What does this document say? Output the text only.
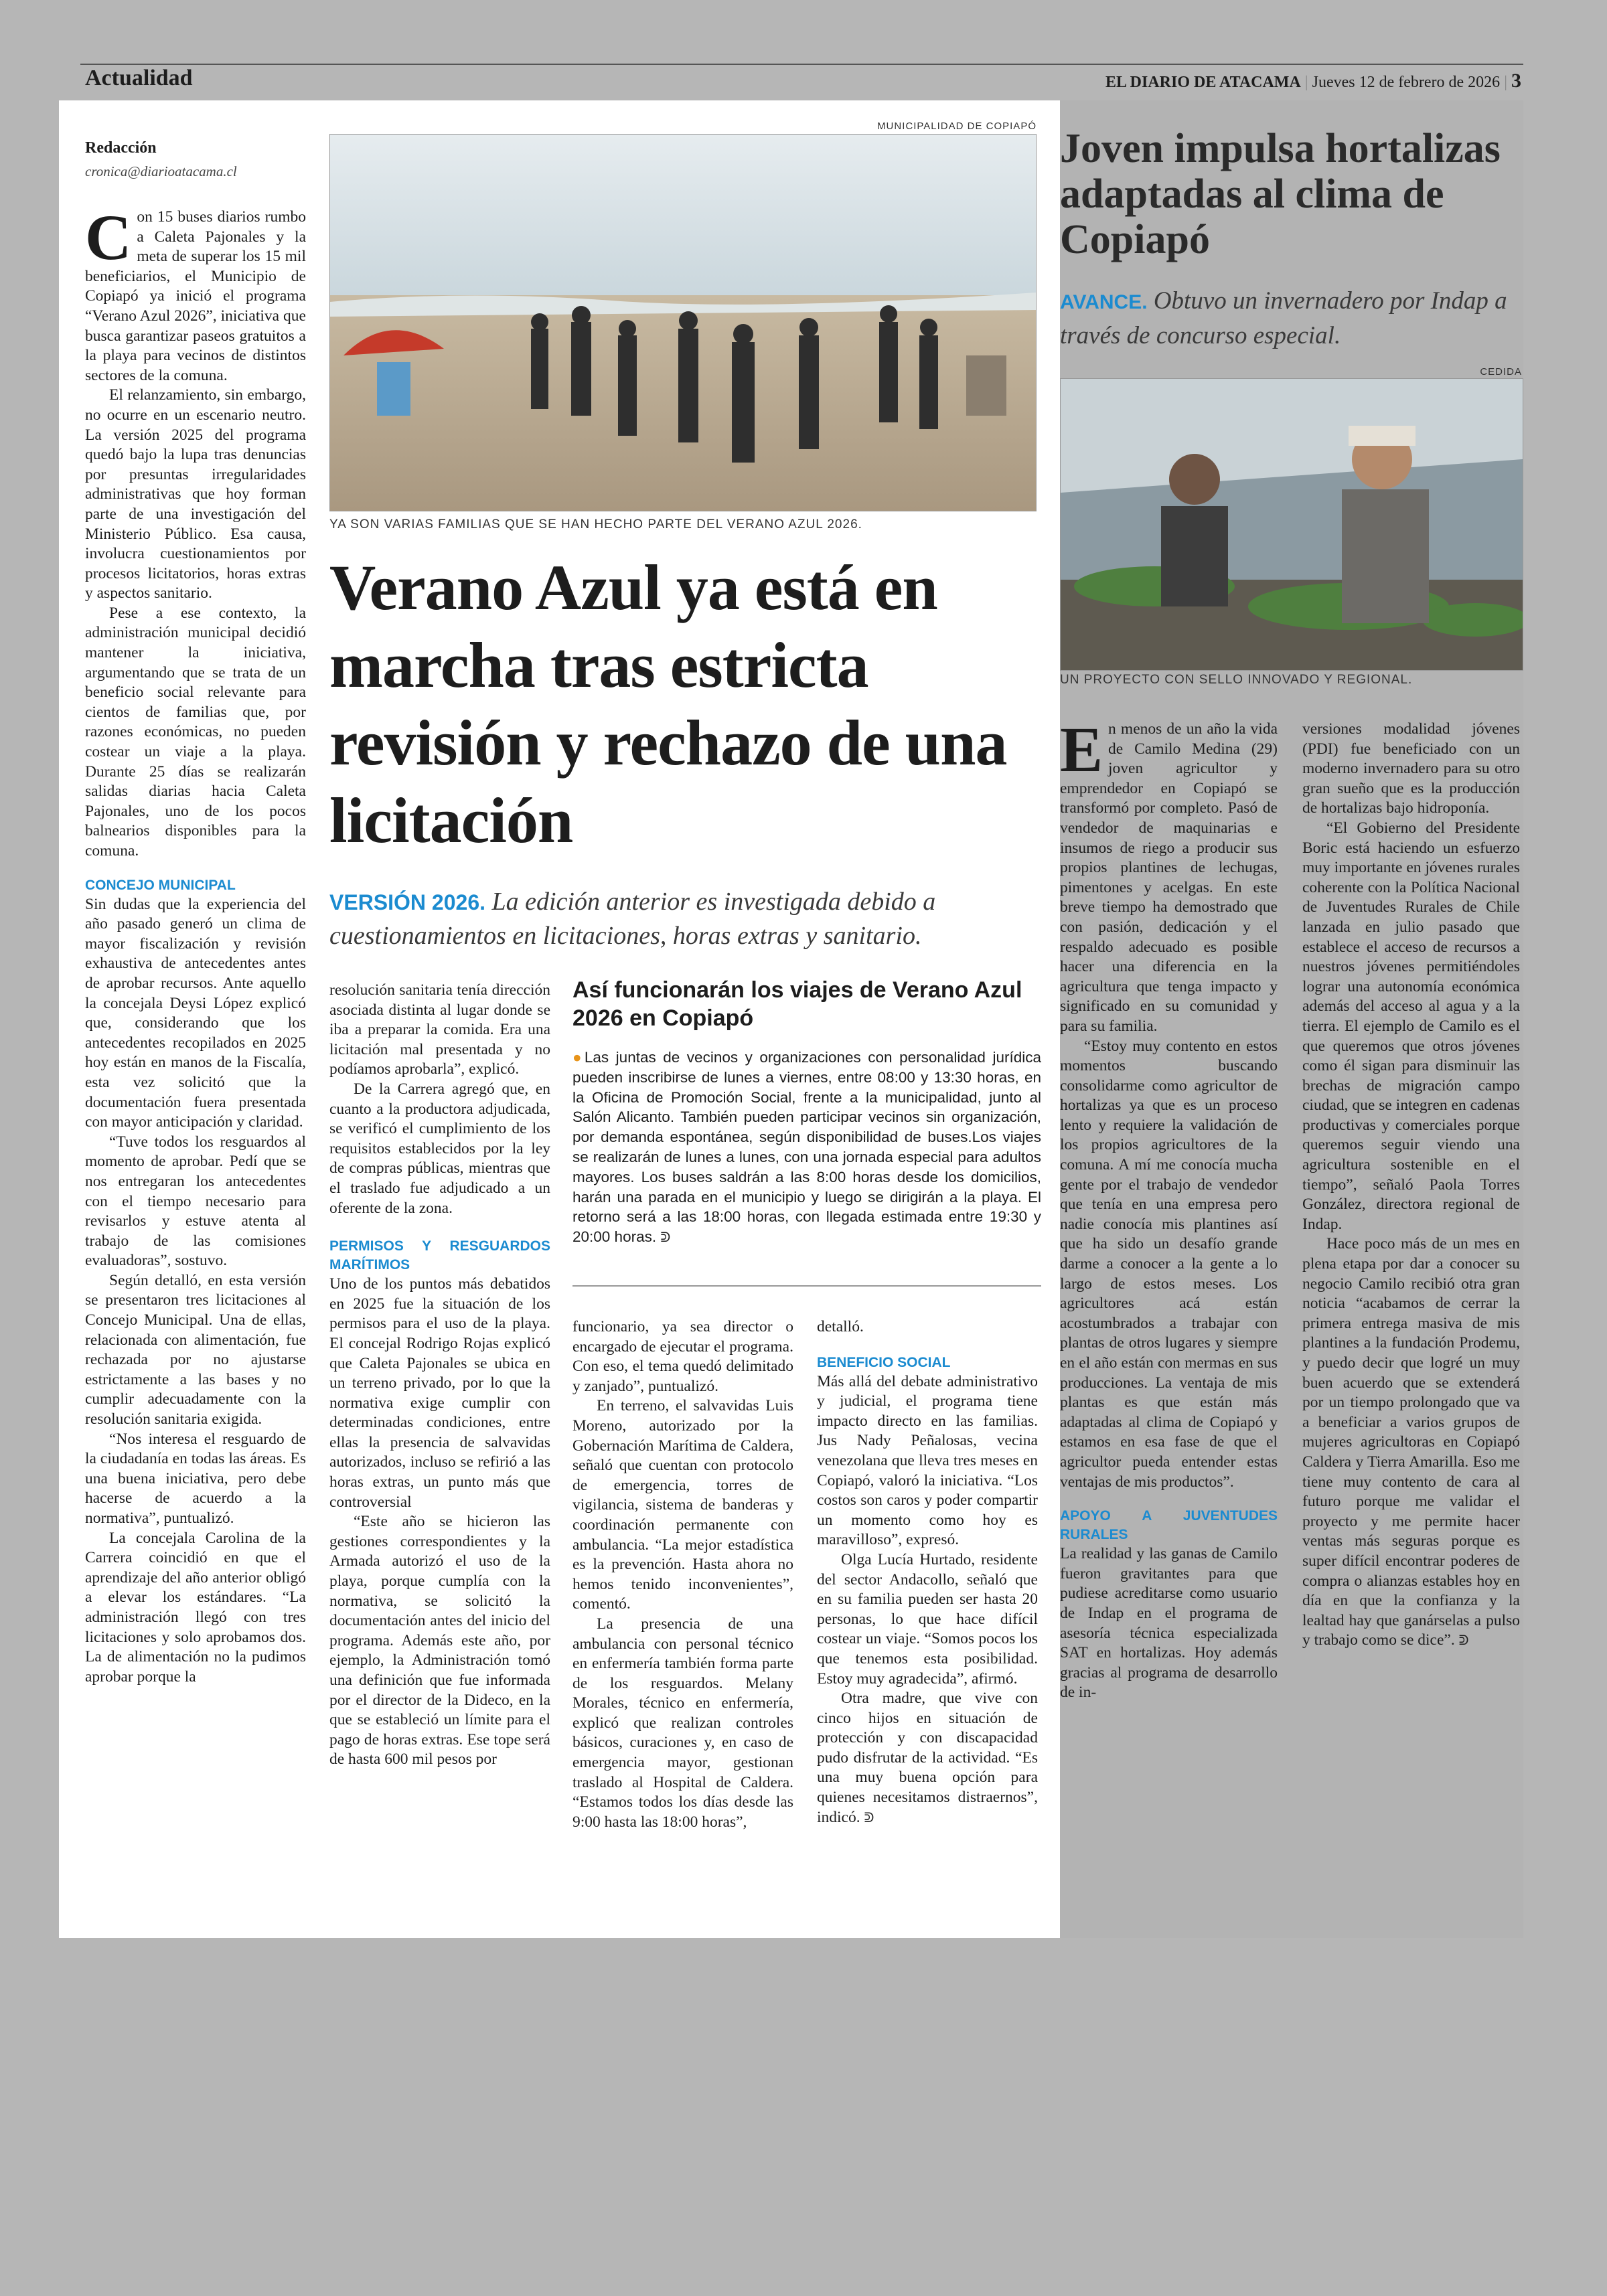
Actualidad	EL DIARIO DE ATACAMA | Jueves 12 de febrero de 2026 | 3
Redacción
cronica@diarioatacama.cl

Con 15 buses diarios rumbo a Caleta Pajonales y la meta de superar los 15 mil beneficiarios, el Municipio de Copiapó ya inició el programa “Verano Azul 2026”, iniciativa que busca garantizar paseos gratuitos a la playa para vecinos de distintos sectores de la comuna.

El relanzamiento, sin embargo, no ocurre en un escenario neutro. La versión 2025 del programa quedó bajo la lupa tras denuncias por presuntas irregularidades administrativas que hoy forman parte de una investigación del Ministerio Público. Esa causa, involucra cuestionamientos por procesos licitatorios, horas extras y aspectos sanitario.

Pese a ese contexto, la administración municipal decidió mantener la iniciativa, argumentando que se trata de un beneficio social relevante para cientos de familias que, por razones económicas, no pueden costear un viaje a la playa. Durante 25 días se realizarán salidas diarias hacia Caleta Pajonales, uno de los pocos balnearios disponibles para la comuna.

CONCEJO MUNICIPAL

Sin dudas que la experiencia del año pasado generó un clima de mayor fiscalización y revisión exhaustiva de antecedentes antes de aprobar recursos. Ante aquello la concejala Deysi López explicó que, considerando que los antecedentes recopilados en 2025 hoy están en manos de la Fiscalía, esta vez solicitó que la documentación fuera presentada con mayor anticipación y claridad.

“Tuve todos los resguardos al momento de aprobar. Pedí que se nos entregaran los antecedentes con el tiempo necesario para revisarlos y estuve atenta al trabajo de las comisiones evaluadoras”, sostuvo.

Según detalló, en esta versión se presentaron tres licitaciones al Concejo Municipal. Una de ellas, relacionada con alimentación, fue rechazada por no ajustarse estrictamente a las bases y no cumplir adecuadamente con la resolución sanitaria exigida.

“Nos interesa el resguardo de la ciudadanía en todas las áreas. Es una buena iniciativa, pero debe hacerse de acuerdo a la normativa”, puntualizó.

La concejala Carolina de la Carrera coincidió en que el aprendizaje del año anterior obligó a elevar los estándares. “La administración llegó con tres licitaciones y solo aprobamos dos. La de alimentación no la pudimos aprobar porque la

MUNICIPALIDAD DE COPIAPÓ
YA SON VARIAS FAMILIAS QUE SE HAN HECHO PARTE DEL VERANO AZUL 2026.
Verano Azul ya está en marcha tras estricta revisión y rechazo de una licitación
VERSIÓN 2026. La edición anterior es investigada debido a cuestionamientos en licitaciones, horas extras y sanitario.

resolución sanitaria tenía dirección asociada distinta al lugar donde se iba a preparar la comida. Era una licitación mal presentada y no podíamos aprobarla”, explicó.

De la Carrera agregó que, en cuanto a la productora adjudicada, se verificó el cumplimiento de los requisitos establecidos por la ley de compras públicas, mientras que el traslado fue adjudicado a un oferente de la zona.

PERMISOS Y RESGUARDOS MARÍTIMOS

Uno de los puntos más debatidos en 2025 fue la situación de los permisos para el uso de la playa. El concejal Rodrigo Rojas explicó que Caleta Pajonales se ubica en un terreno privado, por lo que la normativa exige cumplir con determinadas condiciones, entre ellas la presencia de salvavidas autorizados, incluso se refirió a las horas extras, un punto más que controversial

“Este año se hicieron las gestiones correspondientes y la Armada autorizó el uso de la playa, porque cumplía con la normativa, se solicitó la documentación antes del inicio del programa. Además este año, por ejemplo, la Administración tomó una definición que fue informada por el director de la Dideco, en la que se estableció un límite para el pago de horas extras. Ese tope será de hasta 600 mil pesos por

Así funcionarán los viajes de Verano Azul 2026 en Copiapó
●Las juntas de vecinos y organizaciones con personalidad jurídica pueden inscribirse de lunes a viernes, entre 08:00 y 13:30 horas, en la Oficina de Promoción Social, frente a la municipalidad, junto al Salón Alicanto. También pueden participar vecinos sin organización, por demanda espontánea, según disponibilidad de buses.Los viajes se realizarán de lunes a lunes, con una jornada especial para adultos mayores. Los buses saldrán a las 8:00 horas desde los domicilios, harán una parada en el municipio y luego se dirigirán a la playa. El retorno será a las 18:00 horas, con llegada estimada entre 19:30 y 20:00 horas. ᕲ

funcionario, ya sea director o encargado de ejecutar el programa. Con eso, el tema quedó delimitado y zanjado”, puntualizó.

En terreno, el salvavidas Luis Moreno, autorizado por la Gobernación Marítima de Caldera, señaló que cuentan con protocolo de emergencia, torres de vigilancia, sistema de banderas y coordinación permanente con ambulancia. “La mejor estadística es la prevención. Hasta ahora no hemos tenido inconvenientes”, comentó.

La presencia de una ambulancia con personal técnico en enfermería también forma parte de los resguardos. Melany Morales, técnico en enfermería, explicó que realizan controles básicos, curaciones y, en caso de emergencia mayor, gestionan traslado al Hospital de Caldera. “Estamos todos los días desde las 9:00 hasta las 18:00 horas”,

detalló.

BENEFICIO SOCIAL

Más allá del debate administrativo y judicial, el programa tiene impacto directo en las familias. Jus Nady Peñalosas, vecina venezolana que lleva tres meses en Copiapó, valoró la iniciativa. “Los costos son caros y poder compartir un momento como hoy es maravilloso”, expresó.

Olga Lucía Hurtado, residente del sector Andacollo, señaló que en su familia pueden ser hasta 20 personas, lo que hace difícil costear un viaje. “Somos pocos los que tenemos esta posibilidad. Estoy muy agradecida”, afirmó.

Otra madre, que vive con cinco hijos en situación de protección y con discapacidad pudo disfrutar de la actividad. “Es una muy buena opción para quienes necesitamos distraernos”, indicó. ᕲ

Joven impulsa hortalizas adaptadas al clima de Copiapó
AVANCE. Obtuvo un invernadero por Indap a través de concurso especial.
CEDIDA
UN PROYECTO CON SELLO INNOVADO Y REGIONAL.

En menos de un año la vida de Camilo Medina (29) joven agricultor y emprendedor en Copiapó se transformó por completo. Pasó de vendedor de maquinarias e insumos de riego a producir sus propios plantines de lechugas, pimentones y acelgas. En este breve tiempo ha demostrado que con pasión, dedicación y el respaldo adecuado es posible hacer una diferencia en la agricultura que tenga impacto y significado en su comunidad y para su familia.

“Estoy muy contento en estos momentos buscando consolidarme como agricultor de hortalizas ya que es un proceso lento y requiere la validación de los propios agricultores de la comuna. A mí me conocía mucha gente por el trabajo de vendedor que tenía en una empresa pero nadie conocía mis plantines así que ha sido un desafío grande darme a conocer a la gente a lo largo de estos meses. Los agricultores acá están acostumbrados a trabajar con plantas de otros lugares y siempre en el año están con mermas en sus producciones. La ventaja de mis plantas es que están más adaptadas al clima de Copiapó y estamos en esa fase de que el agricultor pueda entender estas ventajas de mis productos”.

APOYO A JUVENTUDES RURALES

La realidad y las ganas de Camilo fueron gravitantes para que pudiese acreditarse como usuario de Indap en el programa de asesoría técnica especializada SAT en hortalizas. Hoy además gracias al programa de desarrollo de in-

versiones modalidad jóvenes (PDI) fue beneficiado con un moderno invernadero para su otro gran sueño que es la producción de hortalizas bajo hidroponía.

“El Gobierno del Presidente Boric está haciendo un esfuerzo muy importante en jóvenes rurales coherente con la Política Nacional de Juventudes Rurales de Chile lanzada en julio pasado que establece el acceso de recursos a nuestros jóvenes permitiéndoles lograr una autonomía económica además del acceso al agua y a la tierra. El ejemplo de Camilo es el que queremos que otros jóvenes como él sigan para disminuir las brechas de migración campo ciudad, que se integren en cadenas productivas y comerciales porque queremos seguir viendo una agricultura sostenible en el tiempo”, señaló Paola Torres González, directora regional de Indap.

Hace poco más de un mes en plena etapa por dar a conocer su negocio Camilo recibió otra gran noticia “acabamos de cerrar la primera entrega masiva de mis plantines a la fundación Prodemu, y puedo decir que logré un muy buen acuerdo que se extenderá por un tiempo prolongado que va a beneficiar a varios grupos de mujeres agricultoras en Copiapó Caldera y Tierra Amarilla. Eso me tiene muy contento de cara al futuro porque me validar el proyecto y me permite hacer ventas más seguras porque es super difícil encontrar poderes de compra o alianzas estables hoy en día en que la confianza y la lealtad hay que ganárselas a pulso y trabajo como se dice”. ᕲ
